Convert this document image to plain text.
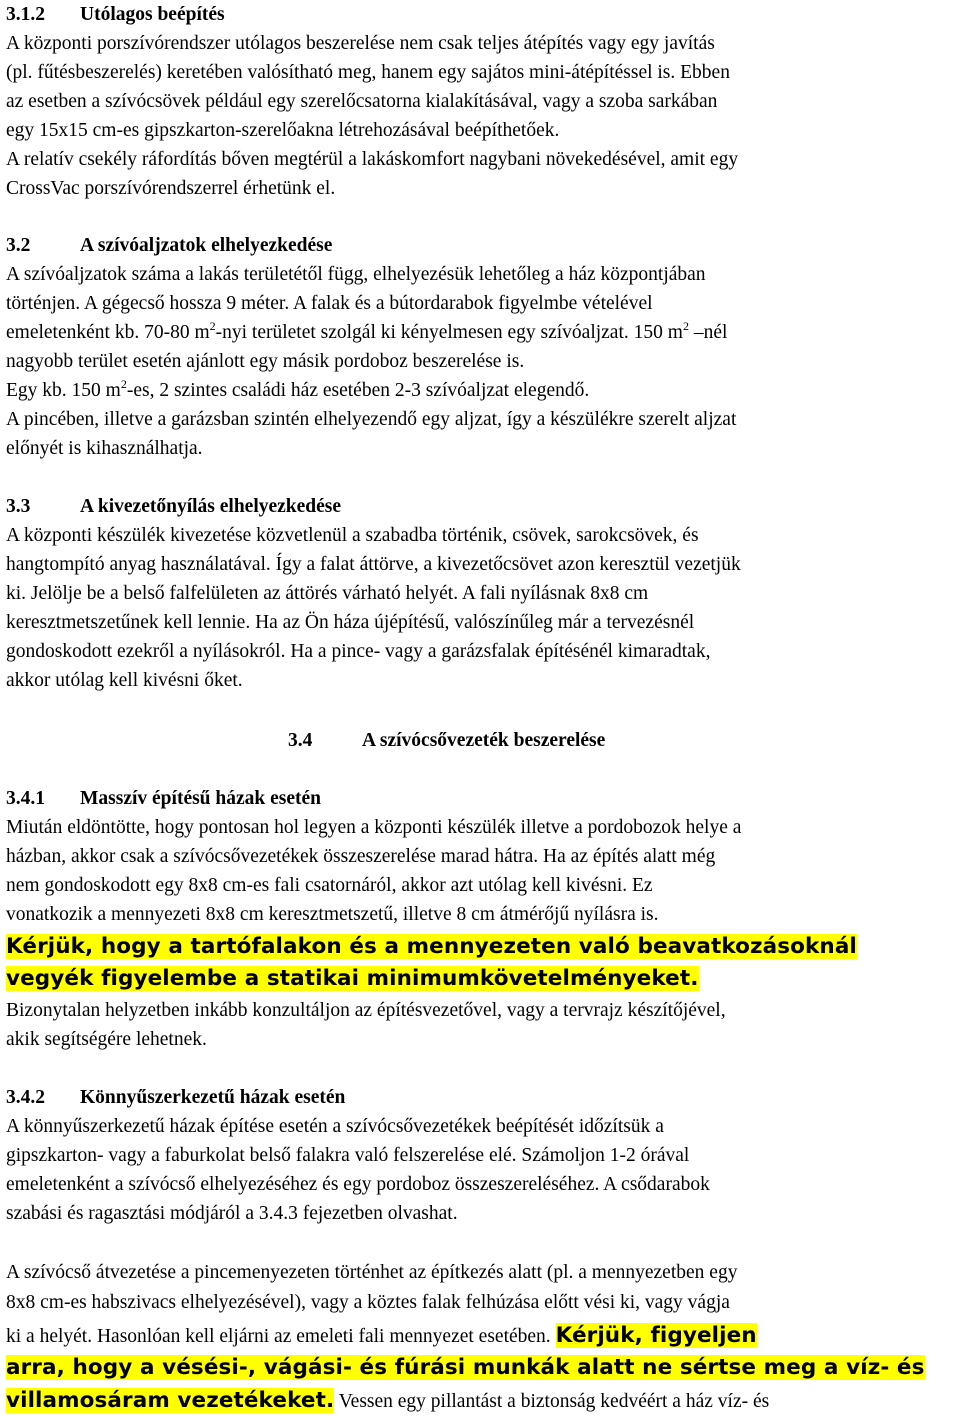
3.1.2 Utólagos beépítés
A központi porszívórendszer utólagos beszerelése nem csak teljes átépítés vagy egy javítás
(pl. fűtésbeszerelés) keretében valósítható meg, hanem egy sajátos mini-átépítéssel is. Ebben
az esetben a szívócsövek például egy szerelőcsatorna kialakításával, vagy a szoba sarkában
egy 15x15 cm-es gipszkarton-szerelőakna létrehozásával beépíthetőek.
A relatív csekély ráfordítás bőven megtérül a lakáskomfort nagybani növekedésével, amit egy
CrossVac porszívórendszerrel érhetünk el.
3.2	A szívóaljzatok elhelyezkedése
A szívóaljzatok száma a lakás területétől függ, elhelyezésük lehetőleg a ház központjában
történjen. A gégecső hossza 9 méter. A falak és a bútordarabok figyelmbe vételével
emeletenként kb. 70-80 $m^2$-nyi területet szolgál ki kényelmesen egy szívóaljzat. 150 $m^2$ –nél
nagyobb terület esetén ajánlott egy másik pordoboz beszerelése is.
Egy kb. 150 $m^2-es$, 2 szintes családi ház esetében 2-3 szívóaljzat elegendő.
A pincében, illetve a garázsban szintén elhelyezendő egy aljzat, így a készülékre szerelt aljzat
előnyét is kihasználhatja.
3.3	A kivezetőnyílás elhelyezkedése
A központi készülék kivezetése közvetlenül a szabadba történik, csövek, sarokcsövek, és
hangtompító anyag használatával. Így a falat áttörve, a kivezetőcsövet azon keresztül vezetjük
ki. Jelölje be a belső falfelületen az áttörés várható helyét. A fali nyílásnak 8x8 cm
keresztmetszetűnek kell lennie. Ha az Ön háza újépítésű, valószínűleg már a tervezésnél
gondoskodott ezekről a nyílásokról. Ha a pince- vagy a garázsfalak építésénél kimaradtak,
akkor utólag kell kivésni őket.
3.4	A szívócsővezeték beszerelése
3.4.1 Masszív építésű házak esetén
Miután eldöntötte, hogy pontosan hol legyen a központi készülék illetve a pordobozok helye a
házban, akkor csak a szívócsővezetékek összeszerelése marad hátra. Ha az építés alatt még
nem gondoskodott egy 8x8 cm-es fali csatornáról, akkor azt utólag kell kivésni. Ez
vonatkozik a mennyezeti 8x8 cm keresztmetszetű, illetve 8 cm átmérőjű nyílásra is.
Kérjük, hogy a tartófalakon és a mennyezeten való beavatkozásoknál
vegyék figyelembe a statikai minimumkövetelményeket.
Bizonytalan helyzetben inkább konzultáljon az építésvezetővel, vagy a tervrajz készítőjével,
akik segítségére lehetnek.
3.4.2 Könnyűszerkezetű házak esetén
A könnyűszerkezetű házak építése esetén a szívócsővezetékek beépítését időzítsük a
gipszkarton- vagy a faburkolat belső falakra való felszerelése elé. Számoljon 1-2 órával
emeletenként a szívócső elhelyezéséhez és egy pordoboz összeszereléséhez. A csődarabok
szabási és ragasztási módjáról a 3.4.3 fejezetben olvashat.
A szívócső átvezetése a pincemenyezeten történhet az építkezés alatt (pl. a mennyezetben egy
8x8 cm-es habszivacs elhelyezésével), vagy a köztes falak felhúzása előtt vési ki, vagy vágja
ki a helyét. Hasonlóan kell eljárni az emeleti fali mennyezet esetében. Kérjük, figyeljen
arra, hogy a vésési-, vágási- és fúrási munkák alatt ne sértse meg a víz- és
villamosáram vezetékeket. Vessen egy pillantást a biztonság kedvéért a ház víz- és
